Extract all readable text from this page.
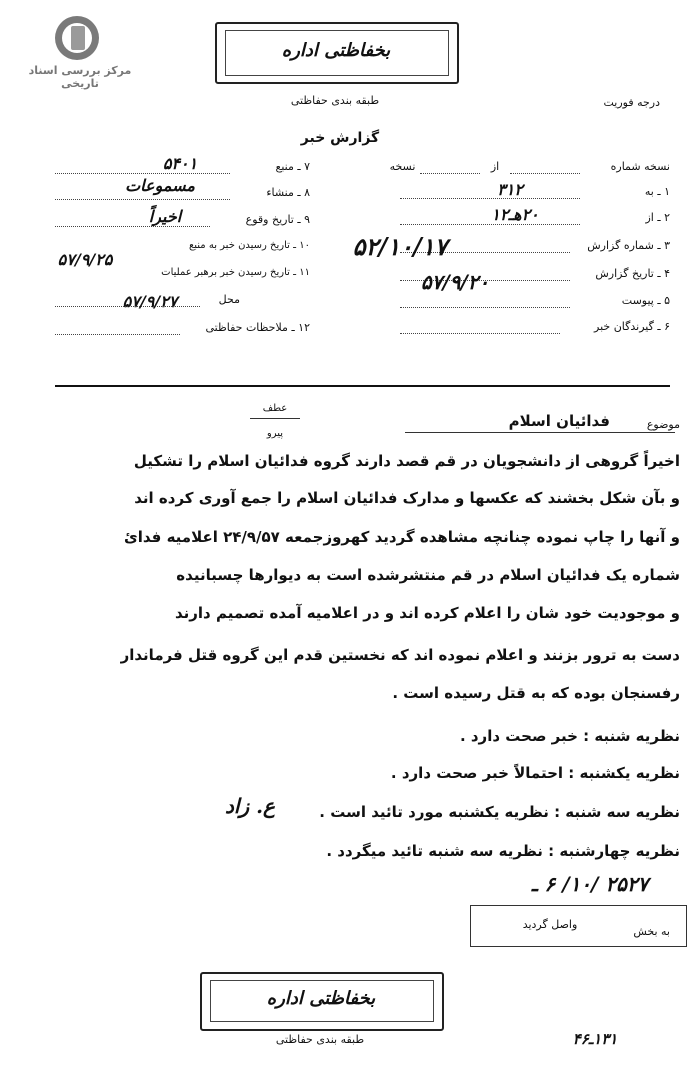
مرکز بررسی اسناد تاریخی
بخفاظتی اداره
طبقه بندی حفاظتی	درجه فوریت
گزارش خبر
نسخه شماره
از
نسخه
۱ ـ به
۳۱۲
۲ ـ از
۲۰هـ۱۲
۳ ـ شماره گزارش
۵۲/۱۰/۱۷
۴ ـ تاریخ گزارش
۵۷/۹/۲۰
۵ ـ پیوست
۶ ـ گیرندگان خبر
۷ ـ منبع
۵۴۰۱
۸ ـ منشاء
مسموعات
۹ ـ تاریخ وقوع
اخیراً
۱۰ ـ تاریخ رسیدن خبر به منبع
۵۷/۹/۲۵
۱۱ ـ تاریخ رسیدن خبر برهبر عملیات
محل
۵۷/۹/۲۷
۱۲ ـ ملاحظات حفاظتی
عطف
پیرو
موضوع
فدائیان اسلام
اخیراً گروهی از دانشجویان در قم قصد دارند گروه فدائیان اسلام را تشکیل
و بآن شکل بخشند که عکسها و مدارک فدائیان اسلام را جمع آوری کرده اند
و آنها را چاپ نموده چنانچه مشاهده گردید کهروزجمعه ۲۴/۹/۵۷ اعلامیه فدائ
شماره یک فدائیان اسلام در قم منتشرشده است به دیوارها چسبانیده
و موجودیت خود شان را اعلام کرده اند و در اعلامیه آمده تصمیم دارند
دست به ترور بزنند و اعلام نموده اند که نخستین قدم این گروه قتل فرماندار
رفسنجان بوده که به قتل رسیده است .
نظریه شنبه : خبر صحت دارد .
نظریه یکشنبه : احتمالاً خبر صحت دارد .
نظریه سه شنبه : نظریه یکشنبه مورد تائید است .
ع. زاد
نظریه چهارشنبه : نظریه سه شنبه تائید میگردد .
۲۵۲۷ /۱۰/ ۶ ـ
به بخش
واصل گردید
بخفاظتی اداره
طبقه بندی حفاظتی	۱۳۱ـ۴۶
